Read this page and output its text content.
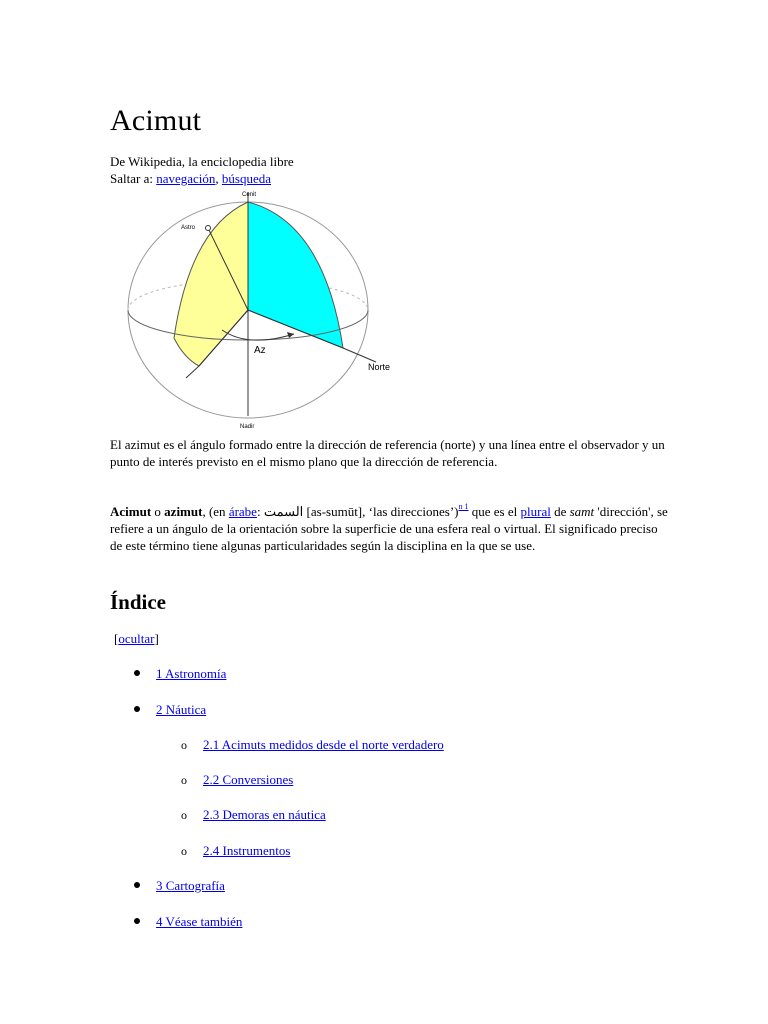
Acimut
De Wikipedia, la enciclopedia libre
Saltar a: navegación, búsqueda
Cenit
Astro
Az
Norte
Nadir

El azimut es el ángulo formado entre la dirección de referencia (norte) y una línea entre el observador y un punto de interés previsto en el mismo plano que la dirección de referencia.

Acimut o azimut, (en árabe: السمت [as-sumūt], ‘las direcciones’)$^{n 1}$ que es el plural de samt 'dirección', se refiere a un ángulo de la orientación sobre la superficie de una esfera real o virtual. El significado preciso de este término tiene algunas particularidades según la disciplina en la que se use.

Índice
[ocultar]
1 Astronomía
2 Náutica
o 2.1 Acimuts medidos desde el norte verdadero
o 2.2 Conversiones
o 2.3 Demoras en náutica
o 2.4 Instrumentos
3 Cartografía
4 Véase también
